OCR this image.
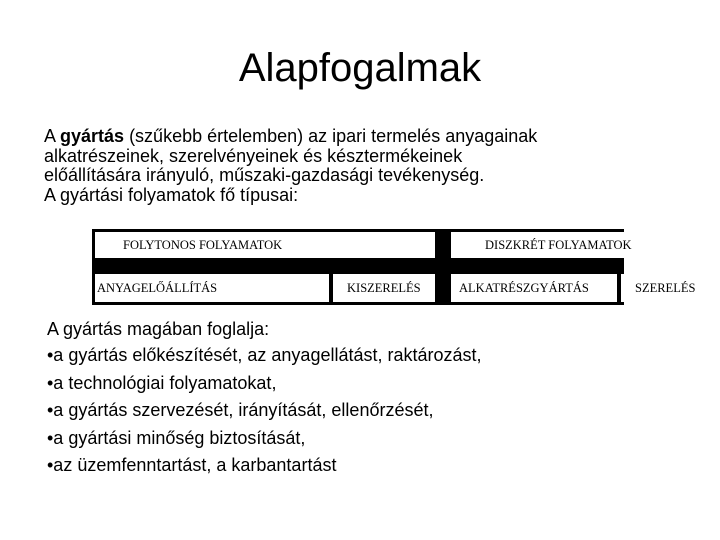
Alapfogalmak
A gyártás (szűkebb értelemben) az ipari termelés anyagainak
alkatrészeinek, szerelvényeinek és késztermékeinek
előállítására irányuló, műszaki-gazdasági tevékenység.
A gyártási folyamatok fő típusai:
FOLYTONOS FOLYAMATOK	DISZKRÉT FOLYAMATOK
ANYAGELŐÁLLÍTÁS	KISZERELÉS	ALKATRÉSZGYÁRTÁS	SZERELÉS
A gyártás magában foglalja:
•a gyártás előkészítését, az anyagellátást, raktározást,
•a technológiai folyamatokat,
•a gyártás szervezését, irányítását, ellenőrzését,
•a gyártási minőség biztosítását,
•az üzemfenntartást, a karbantartást
